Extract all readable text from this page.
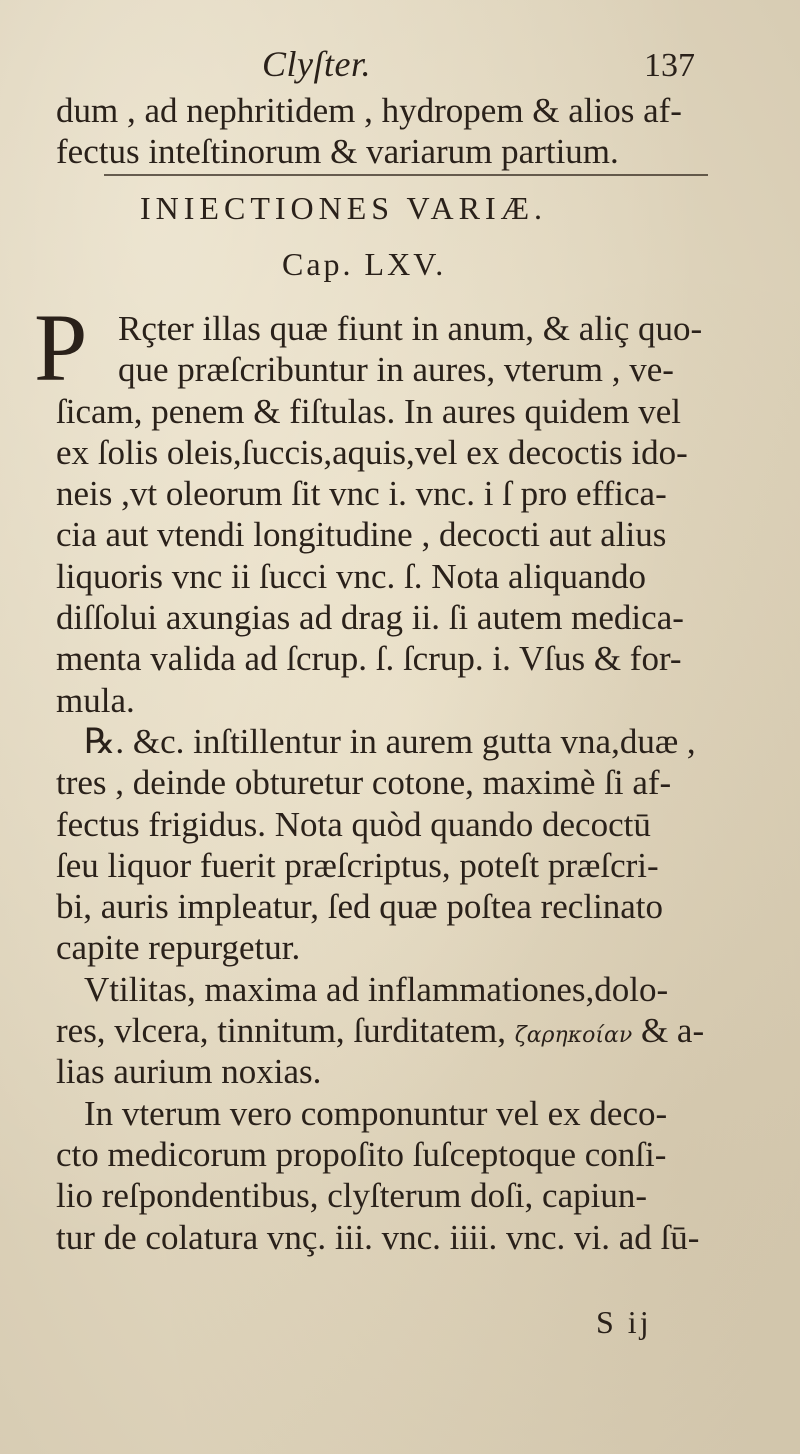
Clyſter.	137
dum , ad nephritidem , hydropem & alios af-
fectus inteſtinorum & variarum partium.
INIECTIONES VARIÆ.
Cap. LXV.
P Rçter illas quæ fiunt in anum, & aliç quo-
que præſcribuntur in aures, vterum , ve-
ſicam, penem & fiſtulas. In aures quidem vel
ex ſolis oleis,ſuccis,aquis,vel ex decoctis ido-
neis ,vt oleorum ſit vnc i. vnc. i ſ pro effica-
cia aut vtendi longitudine , decocti aut alius
liquoris vnc ii ſucci vnc. ſ. Nota aliquando
diſſolui axungias ad drag ii. ſi autem medica-
menta valida ad ſcrup. ſ. ſcrup. i. Vſus & for-
mula.
℞. &c. inſtillentur in aurem gutta vna,duæ ,
tres , deinde obturetur cotone, maximè ſi af-
fectus frigidus. Nota quòd quando decoctū
ſeu liquor fuerit præſcriptus, poteſt præſcri-
bi, auris impleatur, ſed quæ poſtea reclinato
capite repurgetur.
Vtilitas, maxima ad inflammationes,dolo-
res, vlcera, tinnitum, ſurditatem, ζαρηκοίαν & a-
lias aurium noxias.
In vterum vero componuntur vel ex deco-
cto medicorum propoſito ſuſceptoque conſi-
lio reſpondentibus, clyſterum doſi, capiun-
tur de colatura vnç. iii. vnc. iiii. vnc. vi. ad ſū-
S ij
